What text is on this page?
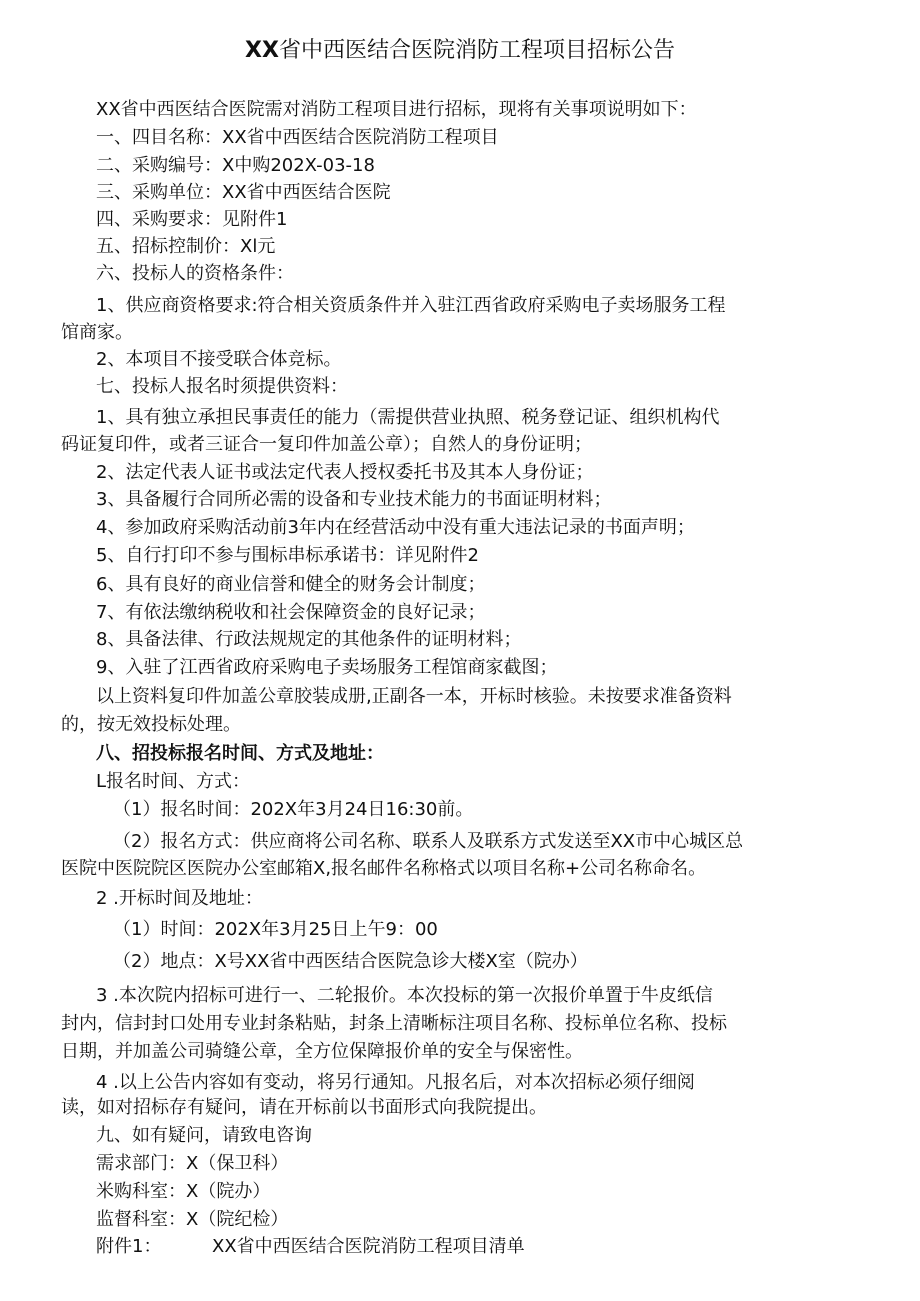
XX省中西医结合医院消防工程项目招标公告
XX省中西医结合医院需对消防工程项目进行招标，现将有关事项说明如下：
一、四目名称：XX省中西医结合医院消防工程项目
二、采购编号：X中购202X-03-18
三、采购单位：XX省中西医结合医院
四、采购要求：见附件1
五、招标控制价：Xl元
六、投标人的资格条件：
1、供应商资格要求:符合相关资质条件并入驻江西省政府采购电子卖场服务工程
馆商家。
2、本项目不接受联合体竞标。
七、投标人报名时须提供资料：
1、具有独立承担民事责任的能力（需提供营业执照、税务登记证、组织机构代
码证复印件，或者三证合一复印件加盖公章）；自然人的身份证明；
2、法定代表人证书或法定代表人授权委托书及其本人身份证；
3、具备履行合同所必需的设备和专业技术能力的书面证明材料；
4、参加政府采购活动前3年内在经营活动中没有重大违法记录的书面声明；
5、自行打印不参与围标串标承诺书：详见附件2
6、具有良好的商业信誉和健全的财务会计制度；
7、有依法缴纳税收和社会保障资金的良好记录；
8、具备法律、行政法规规定的其他条件的证明材料；
9、入驻了江西省政府采购电子卖场服务工程馆商家截图；
以上资料复印件加盖公章胶装成册,正副各一本，开标时核验。未按要求准备资料
的，按无效投标处理。
八、招投标报名时间、方式及地址：
L报名时间、方式：
（1）报名时间：202X年3月24日16:30前。
（2）报名方式：供应商将公司名称、联系人及联系方式发送至XX市中心城区总
医院中医院院区医院办公室邮箱X,报名邮件名称格式以项目名称+公司名称命名。
2 .开标时间及地址：
（1）时间：202X年3月25日上午9：00
（2）地点：X号XX省中西医结合医院急诊大楼X室（院办）
3 .本次院内招标可进行一、二轮报价。本次投标的第一次报价单置于牛皮纸信
封内，信封封口处用专业封条粘贴，封条上清晰标注项目名称、投标单位名称、投标
日期，并加盖公司骑缝公章，全方位保障报价单的安全与保密性。
4 .以上公告内容如有变动，将另行通知。凡报名后，对本次招标必须仔细阅
读，如对招标存有疑问，请在开标前以书面形式向我院提出。
九、如有疑问，请致电咨询
需求部门：X（保卫科）
米购科室：X（院办）
监督科室：X（院纪检）
附件1：	XX省中西医结合医院消防工程项目清单
